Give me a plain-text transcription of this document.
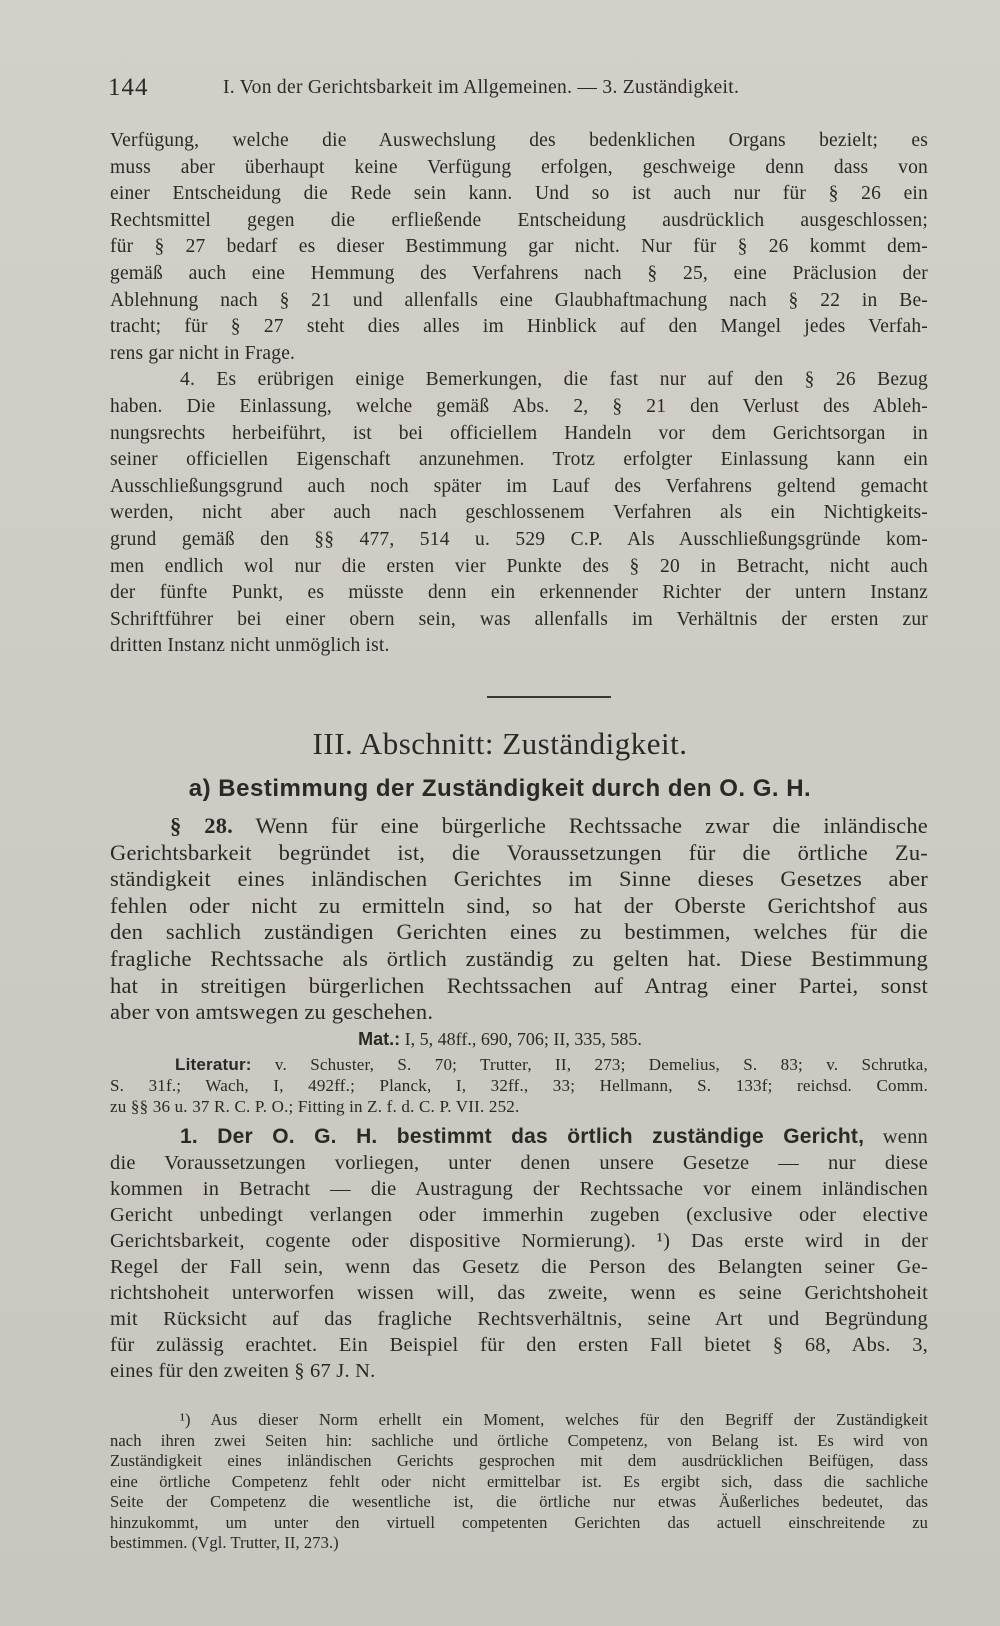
144	I. Von der Gerichtsbarkeit im Allgemeinen. — 3. Zuständigkeit.
Verfügung, welche die Auswechslung des bedenklichen Organs bezielt; es
muss aber überhaupt keine Verfügung erfolgen, geschweige denn dass von
einer Entscheidung die Rede sein kann. Und so ist auch nur für § 26 ein
Rechtsmittel gegen die erfließende Entscheidung ausdrücklich ausgeschlossen;
für § 27 bedarf es dieser Bestimmung gar nicht. Nur für § 26 kommt dem-
gemäß auch eine Hemmung des Verfahrens nach § 25, eine Präclusion der
Ablehnung nach § 21 und allenfalls eine Glaubhaftmachung nach § 22 in Be-
tracht; für § 27 steht dies alles im Hinblick auf den Mangel jedes Verfah-
rens gar nicht in Frage.
4. Es erübrigen einige Bemerkungen, die fast nur auf den § 26 Bezug
haben. Die Einlassung, welche gemäß Abs. 2, § 21 den Verlust des Ableh-
nungsrechts herbeiführt, ist bei officiellem Handeln vor dem Gerichtsorgan in
seiner officiellen Eigenschaft anzunehmen. Trotz erfolgter Einlassung kann ein
Ausschließungsgrund auch noch später im Lauf des Verfahrens geltend gemacht
werden, nicht aber auch nach geschlossenem Verfahren als ein Nichtigkeits-
grund gemäß den §§ 477, 514 u. 529 C.P. Als Ausschließungsgründe kom-
men endlich wol nur die ersten vier Punkte des § 20 in Betracht, nicht auch
der fünfte Punkt, es müsste denn ein erkennender Richter der untern Instanz
Schriftführer bei einer obern sein, was allenfalls im Verhältnis der ersten zur
dritten Instanz nicht unmöglich ist.
III. Abschnitt: Zuständigkeit.
a) Bestimmung der Zuständigkeit durch den O. G. H.
§ 28. Wenn für eine bürgerliche Rechtssache zwar die inländische
Gerichtsbarkeit begründet ist, die Voraussetzungen für die örtliche Zu-
ständigkeit eines inländischen Gerichtes im Sinne dieses Gesetzes aber
fehlen oder nicht zu ermitteln sind, so hat der Oberste Gerichtshof aus
den sachlich zuständigen Gerichten eines zu bestimmen, welches für die
fragliche Rechtssache als örtlich zuständig zu gelten hat. Diese Bestimmung
hat in streitigen bürgerlichen Rechtssachen auf Antrag einer Partei, sonst
aber von amtswegen zu geschehen.
Mat.: I, 5, 48ff., 690, 706; II, 335, 585.
Literatur: v. Schuster, S. 70; Trutter, II, 273; Demelius, S. 83; v. Schrutka,
S. 31f.; Wach, I, 492ff.; Planck, I, 32ff., 33; Hellmann, S. 133f; reichsd. Comm.
zu §§ 36 u. 37 R. C. P. O.; Fitting in Z. f. d. C. P. VII. 252.
1. Der O. G. H. bestimmt das örtlich zuständige Gericht, wenn
die Voraussetzungen vorliegen, unter denen unsere Gesetze — nur diese
kommen in Betracht — die Austragung der Rechtssache vor einem inländischen
Gericht unbedingt verlangen oder immerhin zugeben (exclusive oder elective
Gerichtsbarkeit, cogente oder dispositive Normierung). ¹) Das erste wird in der
Regel der Fall sein, wenn das Gesetz die Person des Belangten seiner Ge-
richtshoheit unterworfen wissen will, das zweite, wenn es seine Gerichtshoheit
mit Rücksicht auf das fragliche Rechtsverhältnis, seine Art und Begründung
für zulässig erachtet. Ein Beispiel für den ersten Fall bietet § 68, Abs. 3,
eines für den zweiten § 67 J. N.
¹) Aus dieser Norm erhellt ein Moment, welches für den Begriff der Zuständigkeit
nach ihren zwei Seiten hin: sachliche und örtliche Competenz, von Belang ist. Es wird von
Zuständigkeit eines inländischen Gerichts gesprochen mit dem ausdrücklichen Beifügen, dass
eine örtliche Competenz fehlt oder nicht ermittelbar ist. Es ergibt sich, dass die sachliche
Seite der Competenz die wesentliche ist, die örtliche nur etwas Äußerliches bedeutet, das
hinzukommt, um unter den virtuell competenten Gerichten das actuell einschreitende zu
bestimmen. (Vgl. Trutter, II, 273.)
